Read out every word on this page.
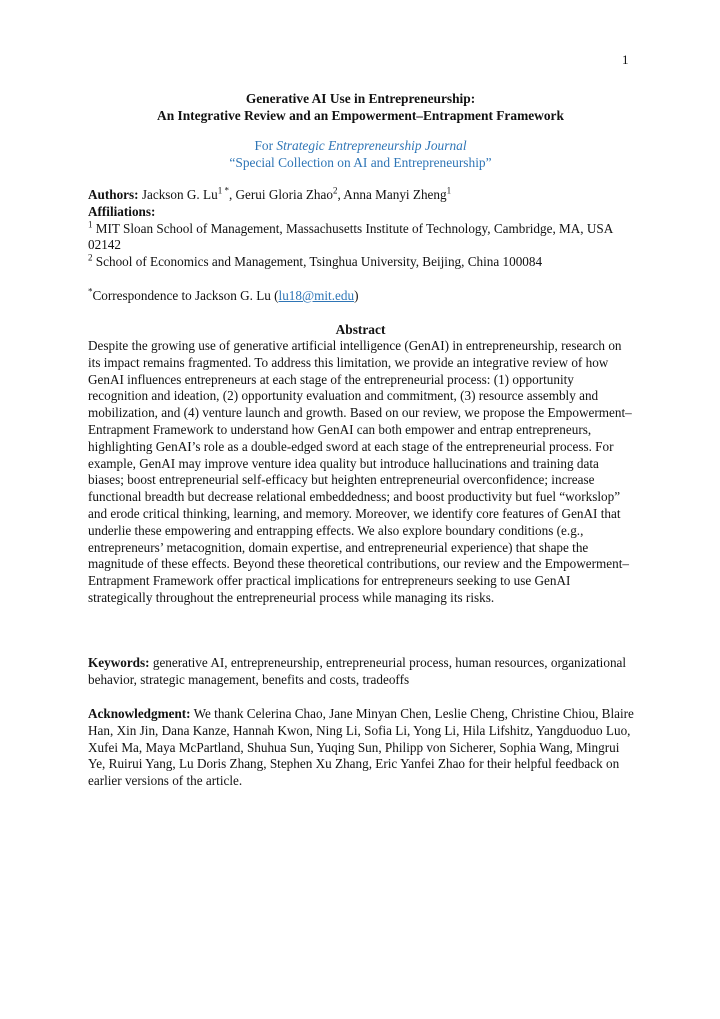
1
Generative AI Use in Entrepreneurship:
An Integrative Review and an Empowerment–Entrapment Framework
For Strategic Entrepreneurship Journal
“Special Collection on AI and Entrepreneurship”

Authors: Jackson G. $Lu^{1 *}$, Gerui Gloria Zhao$^2$, Anna Manyi Zheng$^1$

Affiliations:

$^1$ MIT Sloan School of Management, Massachusetts Institute of Technology, Cambridge, MA, USA 02142

$^2$ School of Economics and Management, Tsinghua University, Beijing, China 100084

*Correspondence to Jackson G. Lu (lu18@mit.edu)
Abstract
Despite the growing use of generative artificial intelligence (GenAI) in entrepreneurship, research on its impact remains fragmented. To address this limitation, we provide an integrative review of how GenAI influences entrepreneurs at each stage of the entrepreneurial process: (1) opportunity recognition and ideation, (2) opportunity evaluation and commitment, (3) resource assembly and mobilization, and (4) venture launch and growth. Based on our review, we propose the Empowerment–Entrapment Framework to understand how GenAI can both empower and entrap entrepreneurs, highlighting GenAI’s role as a double-edged sword at each stage of the entrepreneurial process. For example, GenAI may improve venture idea quality but introduce hallucinations and training data biases; boost entrepreneurial self-efficacy but heighten entrepreneurial overconfidence; increase functional breadth but decrease relational embeddedness; and boost productivity but fuel “workslop” and erode critical thinking, learning, and memory. Moreover, we identify core features of GenAI that underlie these empowering and entrapping effects. We also explore boundary conditions (e.g., entrepreneurs’ metacognition, domain expertise, and entrepreneurial experience) that shape the magnitude of these effects. Beyond these theoretical contributions, our review and the Empowerment–Entrapment Framework offer practical implications for entrepreneurs seeking to use GenAI strategically throughout the entrepreneurial process while managing its risks.
Keywords: generative AI, entrepreneurship, entrepreneurial process, human resources, organizational behavior, strategic management, benefits and costs, tradeoffs
Acknowledgment: We thank Celerina Chao, Jane Minyan Chen, Leslie Cheng, Christine Chiou, Blaire Han, Xin Jin, Dana Kanze, Hannah Kwon, Ning Li, Sofia Li, Yong Li, Hila Lifshitz, Yangduoduo Luo, Xufei Ma, Maya McPartland, Shuhua Sun, Yuqing Sun, Philipp von Sicherer, Sophia Wang, Mingrui Ye, Ruirui Yang, Lu Doris Zhang, Stephen Xu Zhang, Eric Yanfei Zhao for their helpful feedback on earlier versions of the article.
